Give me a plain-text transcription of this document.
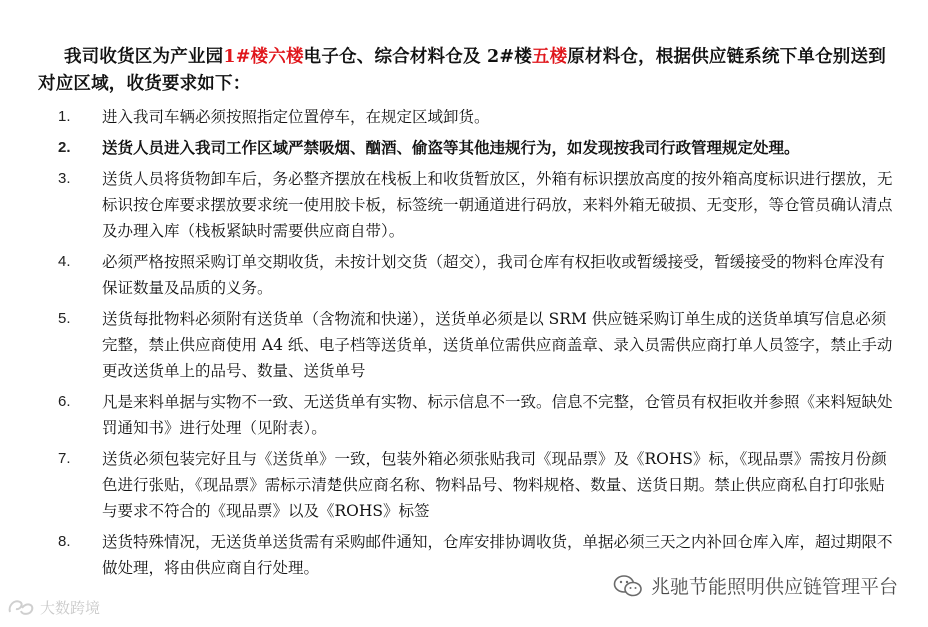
我司收货区为产业园1#楼六楼电子仓、综合材料仓及 2#楼五楼原材料仓，根据供应链系统下单仓别送到对应区域，收货要求如下：

1.	进入我司车辆必须按照指定位置停车，在规定区域卸货。
2.	送货人员进入我司工作区域严禁吸烟、酗酒、偷盗等其他违规行为，如发现按我司行政管理规定处理。
3.	送货人员将货物卸车后，务必整齐摆放在栈板上和收货暂放区，外箱有标识摆放高度的按外箱高度标识进行摆放，无标识按仓库要求摆放要求统一使用胶卡板，标签统一朝通道进行码放，来料外箱无破损、无变形，等仓管员确认清点及办理入库（栈板紧缺时需要供应商自带）。
4.	必须严格按照采购订单交期收货，未按计划交货（超交），我司仓库有权拒收或暂缓接受，暂缓接受的物料仓库没有保证数量及品质的义务。
5.	送货每批物料必须附有送货单（含物流和快递），送货单必须是以 SRM 供应链采购订单生成的送货单填写信息必须完整，禁止供应商使用 A4 纸、电子档等送货单，送货单位需供应商盖章、录入员需供应商打单人员签字，禁止手动更改送货单上的品号、数量、送货单号
6.	凡是来料单据与实物不一致、无送货单有实物、标示信息不一致。信息不完整，仓管员有权拒收并参照《来料短缺处罚通知书》进行处理（见附表）。
7.	送货必须包装完好且与《送货单》一致，包装外箱必须张贴我司《现品票》及《ROHS》标，《现品票》需按月份颜色进行张贴，《现品票》需标示清楚供应商名称、物料品号、物料规格、数量、送货日期。禁止供应商私自打印张贴与要求不符合的《现品票》以及《ROHS》标签
8.	送货特殊情况，无送货单送货需有采购邮件通知，仓库安排协调收货，单据必须三天之内补回仓库入库，超过期限不做处理，将由供应商自行处理。
兆驰节能照明供应链管理平台
大数跨境
